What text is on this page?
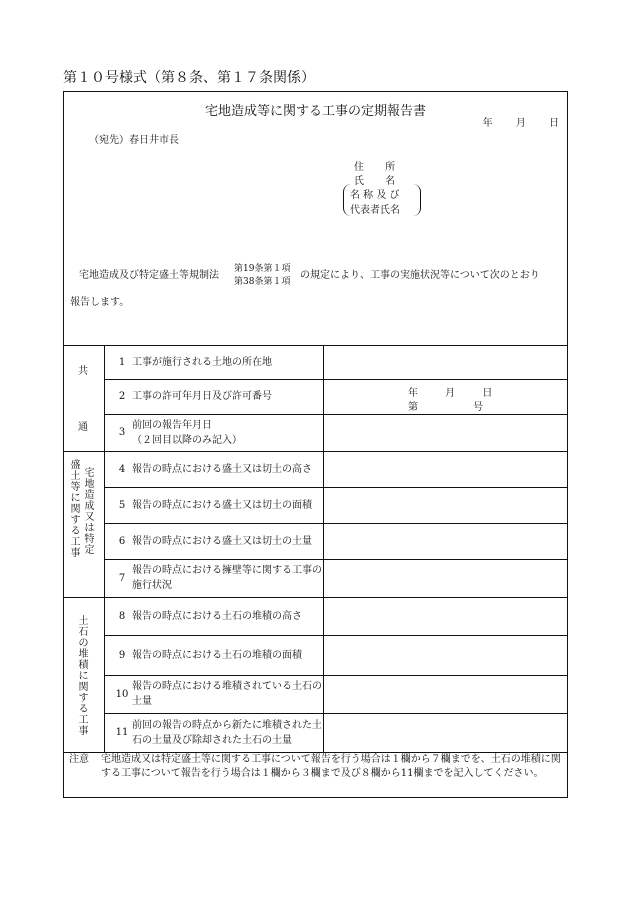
第１０号様式（第８条、第１７条関係）
宅地造成等に関する工事の定期報告書
年 月 日
（宛先）春日井市長
住 所
氏 名
名 称 及 び
代表者氏名
宅地造成及び特定盛土等規制法
第19条第１項
第38条第１項
の規定により、工事の実施状況等について次のとおり
報告します。
共
通
盛土等に関する工事
宅地造成又は特定
土石の堆積に関する工事
1 工事が施行される土地の所在地
2 工事の許可年月日及び許可番号
3
前回の報告年月日
（２回目以降のみ記入）
4 報告の時点における盛土又は切土の高さ
5 報告の時点における盛土又は切土の面積
6 報告の時点における盛土又は切土の土量
7
報告の時点における擁壁等に関する工事の施行状況
8 報告の時点における土石の堆積の高さ
9 報告の時点における土石の堆積の面積
10
報告の時点における堆積されている土石の土量
11
前回の報告の時点から新たに堆積された土石の土量及び除却された土石の土量
年 月 日
第 号
注意 宅地造成又は特定盛土等に関する工事について報告を行う場合は１欄から７欄までを、土石の堆積に関する工事について報告を行う場合は１欄から３欄まで及び８欄から11欄までを記入してください。
